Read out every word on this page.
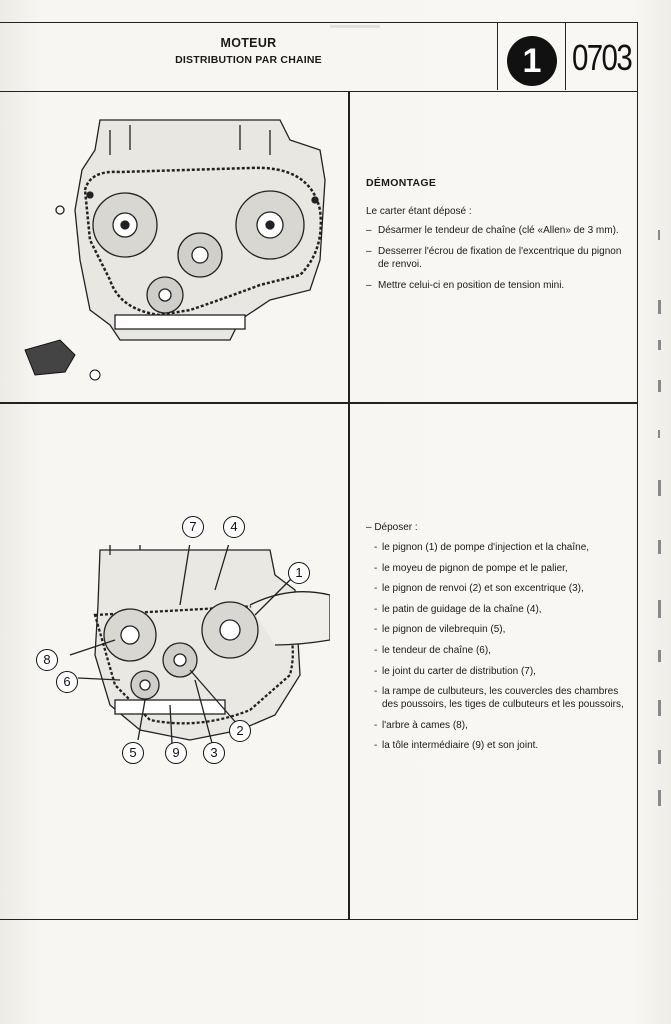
▬▬▬▬▬
MOTEUR
DISTRIBUTION PAR CHAINE	1 0703
7	4
1
8
6
2
5	9	3
DÉMONTAGE
Le carter étant déposé :
– Désarmer le tendeur de chaîne (clé «Allen» de 3 mm).
– Desserrer l'écrou de fixation de l'excentrique du pignon de renvoi.
– Mettre celui-ci en position de tension mini.
– Déposer :
- le pignon (1) de pompe d'injection et la chaîne,
- le moyeu de pignon de pompe et le palier,
- le pignon de renvoi (2) et son excentrique (3),
- le patin de guidage de la chaîne (4),
- le pignon de vilebrequin (5),
- le tendeur de chaîne (6),
- le joint du carter de distribution (7),
- la rampe de culbuteurs, les couvercles des chambres des poussoirs, les tiges de culbuteurs et les poussoirs,
- l'arbre à cames (8),
- la tôle intermédiaire (9) et son joint.
